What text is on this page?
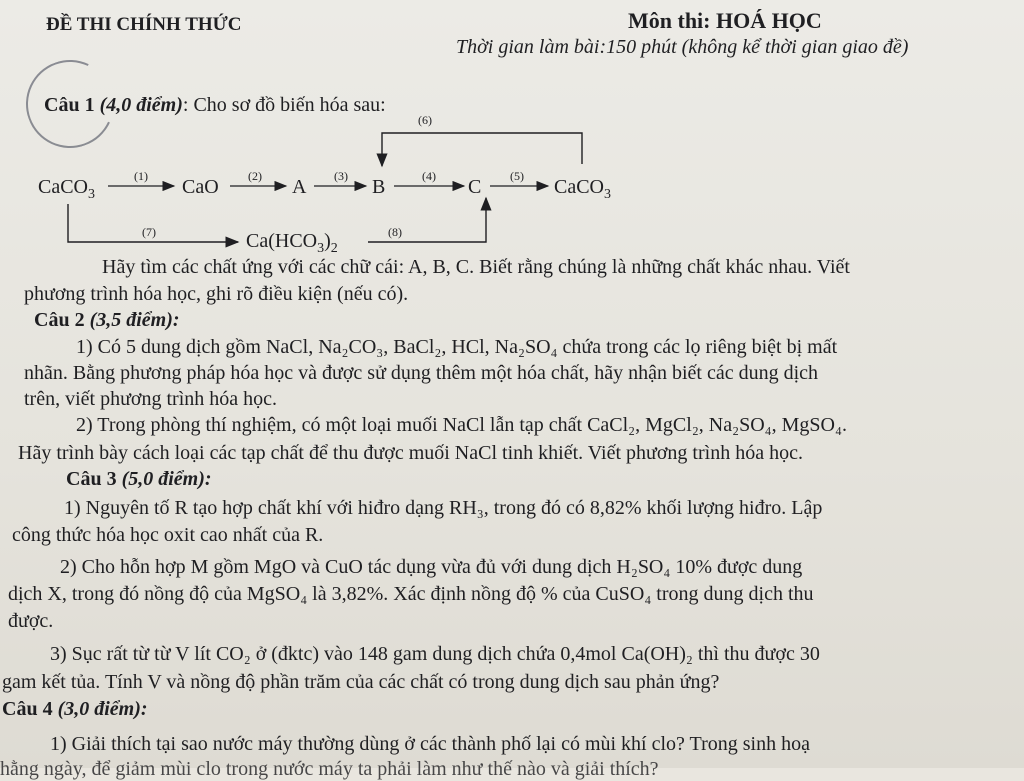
ĐỀ THI CHÍNH THỨC	Môn thi: HOÁ HỌC
Thời gian làm bài:150 phút (không kể thời gian giao đề)
Câu 1 (4,0 điểm): Cho sơ đồ biến hóa sau:
CaCO$_3$
(1) CaO (2) A (3) B	(4) C (5) CaCO$_3$
(6)
(7)	$Ca(HCO_3)_2$
(8)
Hãy tìm các chất ứng với các chữ cái: A, B, C. Biết rằng chúng là những chất khác nhau. Viết
phương trình hóa học, ghi rõ điều kiện (nếu có).
Câu 2 (3,5 điểm):
1) Có 5 dung dịch gồm NaCl, Na₂CO₃, BaCl₂, HCl, Na₂SO₄ chứa trong các lọ riêng biệt bị mất
nhãn. Bằng phương pháp hóa học và được sử dụng thêm một hóa chất, hãy nhận biết các dung dịch
trên, viết phương trình hóa học.
2) Trong phòng thí nghiệm, có một loại muối NaCl lẫn tạp chất CaCl₂, MgCl₂, Na₂SO₄, MgSO₄.
Hãy trình bày cách loại các tạp chất để thu được muối NaCl tinh khiết. Viết phương trình hóa học.
Câu 3 (5,0 điểm):
1) Nguyên tố R tạo hợp chất khí với hiđro dạng RH₃, trong đó có 8,82% khối lượng hiđro. Lập
công thức hóa học oxit cao nhất của R.
2) Cho hỗn hợp M gồm MgO và CuO tác dụng vừa đủ với dung dịch H₂SO₄ 10% được dung
dịch X, trong đó nồng độ của MgSO₄ là 3,82%. Xác định nồng độ % của CuSO₄ trong dung dịch thu
được.
3) Sục rất từ từ V lít CO₂ ở (đktc) vào 148 gam dung dịch chứa 0,4mol Ca(OH)₂ thì thu được 30
gam kết tủa. Tính V và nồng độ phần trăm của các chất có trong dung dịch sau phản ứng?
Câu 4 (3,0 điểm):
1) Giải thích tại sao nước máy thường dùng ở các thành phố lại có mùi khí clo? Trong sinh hoạ
hằng ngày, để giảm mùi clo trong nước máy ta phải làm như thế nào và giải thích?
